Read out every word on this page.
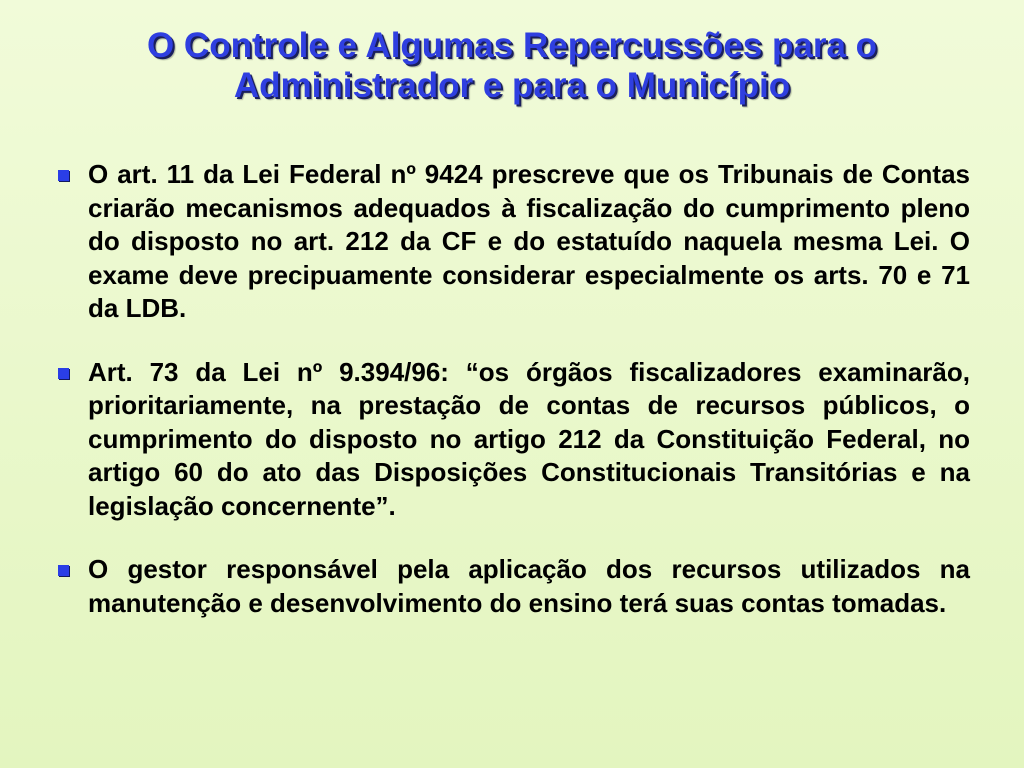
O Controle e Algumas Repercussões para o
Administrador e para o Município
O art. 11 da Lei Federal nº 9424 prescreve que os Tribunais de Contas criarão mecanismos adequados à fiscalização do cumprimento pleno do disposto no art. 212 da CF e do estatuído naquela mesma Lei. O exame deve precipuamente considerar especialmente os arts. 70 e 71 da LDB.
Art. 73 da Lei nº 9.394/96: “os órgãos fiscalizadores examinarão, prioritariamente, na prestação de contas de recursos públicos, o cumprimento do disposto no artigo 212 da Constituição Federal, no artigo 60 do ato das Disposições Constitucionais Transitórias e na legislação concernente”.
O gestor responsável pela aplicação dos recursos utilizados na manutenção e desenvolvimento do ensino terá suas contas tomadas.
